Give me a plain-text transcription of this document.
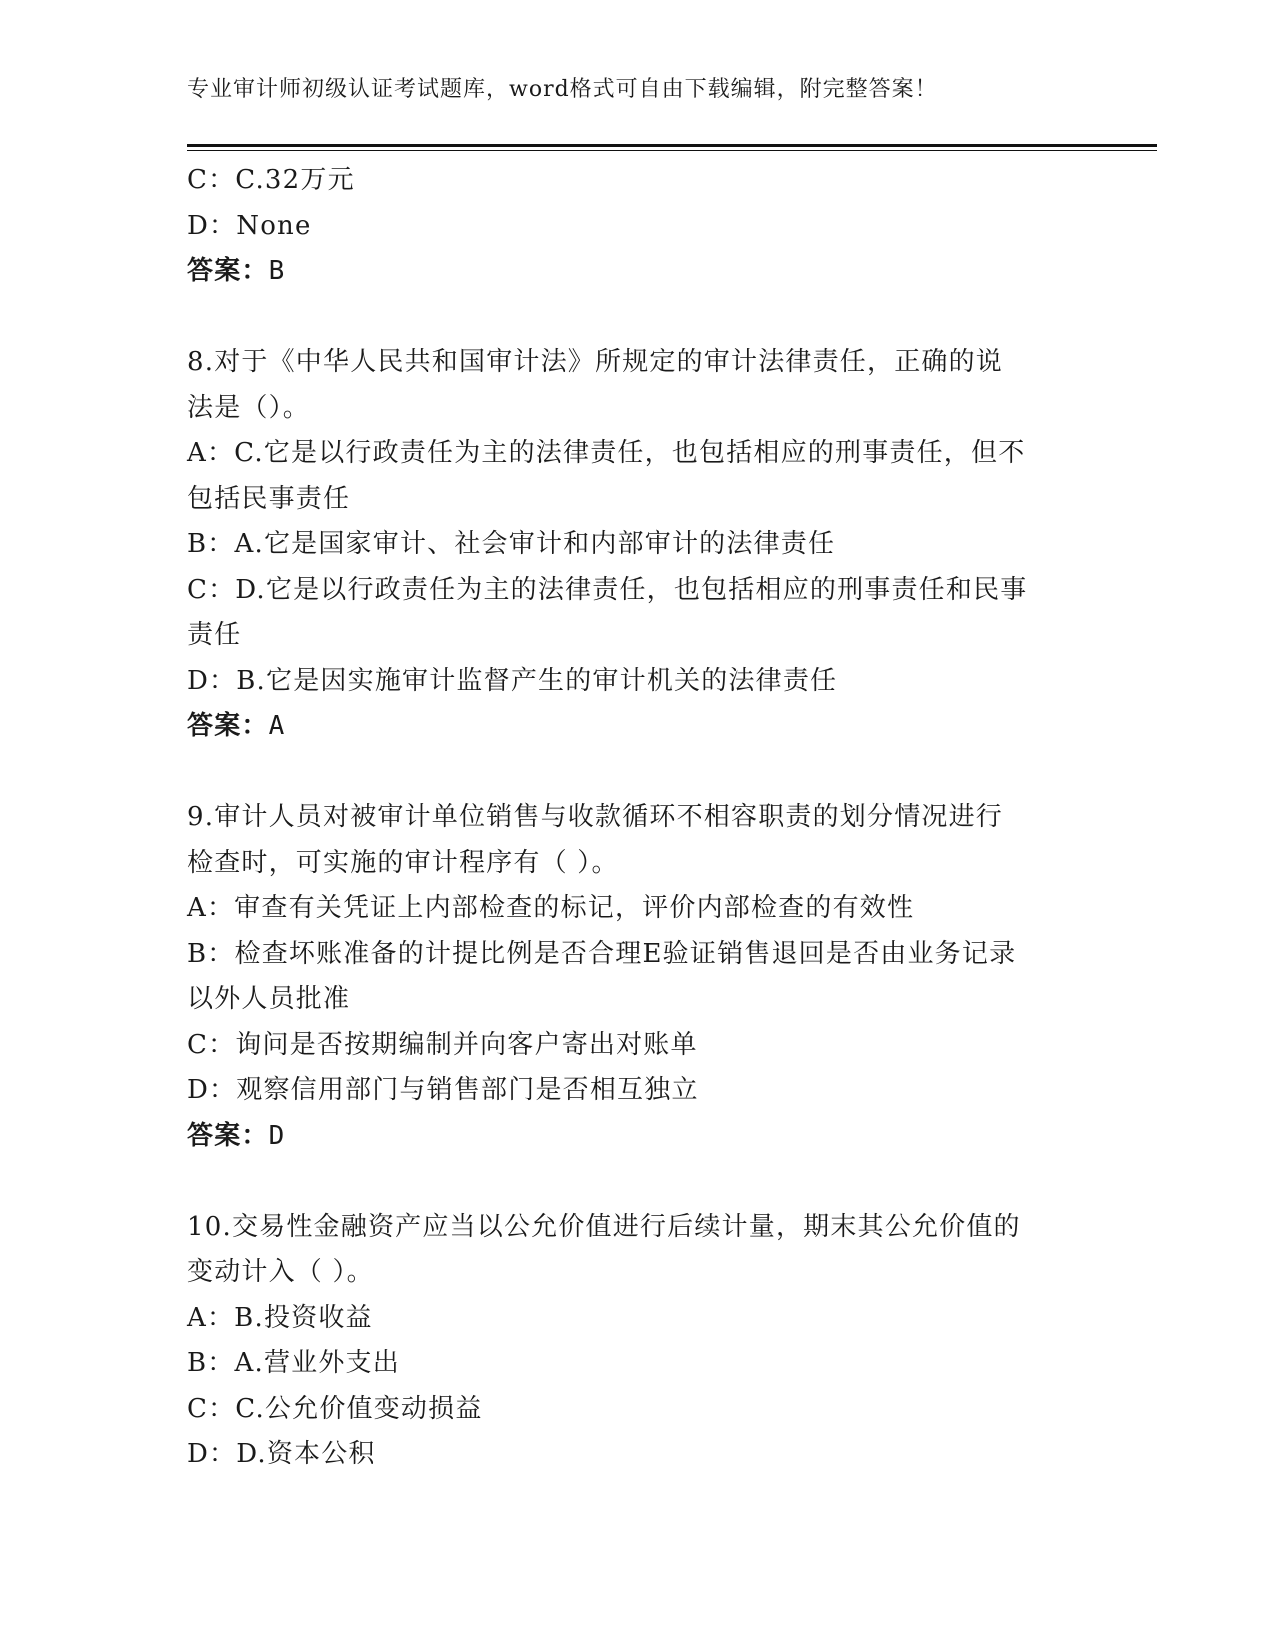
专业审计师初级认证考试题库，word格式可自由下载编辑，附完整答案！

C：C.32万元

D：None

答案：B

8.对于《中华人民共和国审计法》所规定的审计法律责任，正确的说

法是（）。

A：C.它是以行政责任为主的法律责任，也包括相应的刑事责任，但不

包括民事责任

B：A.它是国家审计、社会审计和内部审计的法律责任

C：D.它是以行政责任为主的法律责任，也包括相应的刑事责任和民事

责任

D：B.它是因实施审计监督产生的审计机关的法律责任

答案：A

9.审计人员对被审计单位销售与收款循环不相容职责的划分情况进行

检查时，可实施的审计程序有（ ）。

A：审查有关凭证上内部检查的标记，评价内部检查的有效性

B：检查坏账准备的计提比例是否合理E验证销售退回是否由业务记录

以外人员批准

C：询问是否按期编制并向客户寄出对账单

D：观察信用部门与销售部门是否相互独立

答案：D

10.交易性金融资产应当以公允价值进行后续计量，期末其公允价值的

变动计入（ ）。

A：B.投资收益

B：A.营业外支出

C：C.公允价值变动损益

D：D.资本公积
